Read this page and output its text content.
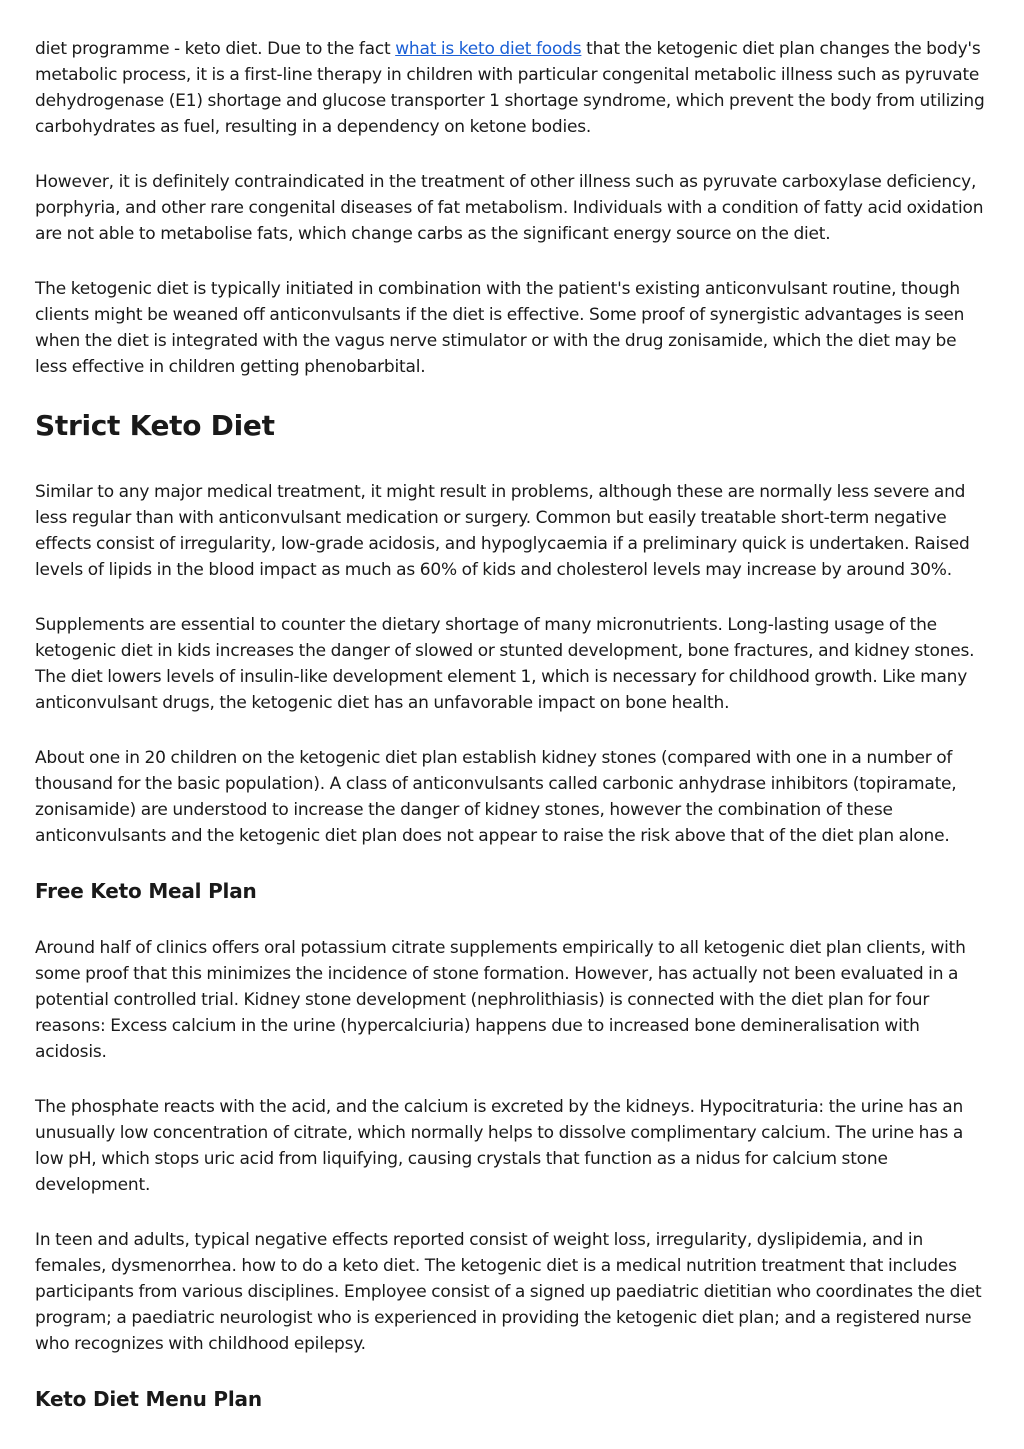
diet programme - keto diet. Due to the fact what is keto diet foods that the ketogenic diet plan changes the body's metabolic process, it is a first-line therapy in children with particular congenital metabolic illness such as pyruvate dehydrogenase (E1) shortage and glucose transporter 1 shortage syndrome, which prevent the body from utilizing carbohydrates as fuel, resulting in a dependency on ketone bodies.

However, it is definitely contraindicated in the treatment of other illness such as pyruvate carboxylase deficiency, porphyria, and other rare congenital diseases of fat metabolism. Individuals with a condition of fatty acid oxidation are not able to metabolise fats, which change carbs as the significant energy source on the diet.

The ketogenic diet is typically initiated in combination with the patient's existing anticonvulsant routine, though clients might be weaned off anticonvulsants if the diet is effective. Some proof of synergistic advantages is seen when the diet is integrated with the vagus nerve stimulator or with the drug zonisamide, which the diet may be less effective in children getting phenobarbital.

Strict Keto Diet

Similar to any major medical treatment, it might result in problems, although these are normally less severe and less regular than with anticonvulsant medication or surgery. Common but easily treatable short-term negative effects consist of irregularity, low-grade acidosis, and hypoglycaemia if a preliminary quick is undertaken. Raised levels of lipids in the blood impact as much as 60% of kids and cholesterol levels may increase by around 30%.

Supplements are essential to counter the dietary shortage of many micronutrients. Long-lasting usage of the ketogenic diet in kids increases the danger of slowed or stunted development, bone fractures, and kidney stones. The diet lowers levels of insulin-like development element 1, which is necessary for childhood growth. Like many anticonvulsant drugs, the ketogenic diet has an unfavorable impact on bone health.

About one in 20 children on the ketogenic diet plan establish kidney stones (compared with one in a number of thousand for the basic population). A class of anticonvulsants called carbonic anhydrase inhibitors (topiramate, zonisamide) are understood to increase the danger of kidney stones, however the combination of these anticonvulsants and the ketogenic diet plan does not appear to raise the risk above that of the diet plan alone.

Free Keto Meal Plan

Around half of clinics offers oral potassium citrate supplements empirically to all ketogenic diet plan clients, with some proof that this minimizes the incidence of stone formation. However, has actually not been evaluated in a potential controlled trial. Kidney stone development (nephrolithiasis) is connected with the diet plan for four reasons: Excess calcium in the urine (hypercalciuria) happens due to increased bone demineralisation with acidosis.

The phosphate reacts with the acid, and the calcium is excreted by the kidneys. Hypocitraturia: the urine has an unusually low concentration of citrate, which normally helps to dissolve complimentary calcium. The urine has a low pH, which stops uric acid from liquifying, causing crystals that function as a nidus for calcium stone development.

In teen and adults, typical negative effects reported consist of weight loss, irregularity, dyslipidemia, and in females, dysmenorrhea. how to do a keto diet. The ketogenic diet is a medical nutrition treatment that includes participants from various disciplines. Employee consist of a signed up paediatric dietitian who coordinates the diet program; a paediatric neurologist who is experienced in providing the ketogenic diet plan; and a registered nurse who recognizes with childhood epilepsy.

Keto Diet Menu Plan
